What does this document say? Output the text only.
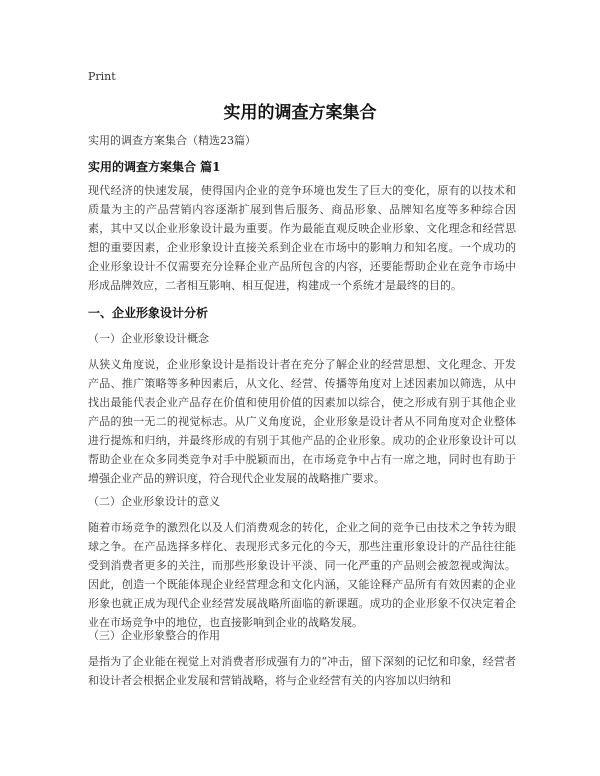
Print
实用的调查方案集合
实用的调查方案集合（精选23篇）
实用的调查方案集合 篇1

现代经济的快速发展，使得国内企业的竞争环境也发生了巨大的变化，原有的以技术和质量为主的产品营销内容逐渐扩展到售后服务、商品形象、品牌知名度等多种综合因素，其中又以企业形象设计最为重要。作为最能直观反映企业形象、文化理念和经营思想的重要因素，企业形象设计直接关系到企业在市场中的影响力和知名度。一个成功的企业形象设计不仅需要充分诠释企业产品所包含的内容，还要能帮助企业在竞争市场中形成品牌效应，二者相互影响、相互促进，构建成一个系统才是最终的目的。

一、企业形象设计分析
（一）企业形象设计概念

从狭义角度说，企业形象设计是指设计者在充分了解企业的经营思想、文化理念、开发产品、推广策略等多种因素后，从文化、经营、传播等角度对上述因素加以筛选，从中找出最能代表企业产品存在价值和使用价值的因素加以综合，使之形成有别于其他企业产品的独一无二的视觉标志。从广义角度说，企业形象是设计者从不同角度对企业整体进行提炼和归纳，并最终形成的有别于其他产品的企业形象。成功的企业形象设计可以帮助企业在众多同类竞争对手中脱颖而出，在市场竞争中占有一席之地，同时也有助于增强企业产品的辨识度，符合现代企业发展的战略推广要求。

（二）企业形象设计的意义

随着市场竞争的激烈化以及人们消费观念的转化，企业之间的竞争已由技术之争转为眼球之争。在产品选择多样化、表现形式多元化的今天，那些注重形象设计的产品往往能受到消费者更多的关注，而那些形象设计平淡、同一化严重的产品则会被忽视或淘汰。因此，创造一个既能体现企业经营理念和文化内涵，又能诠释产品所有有效因素的企业形象也就正成为现代企业经营发展战略所面临的新课题。成功的企业形象不仅决定着企业在市场竞争中的地位，也直接影响到企业的战略发展。

（三）企业形象整合的作用

是指为了企业能在视觉上对消费者形成强有力的“冲击，留下深刻的记忆和印象，经营者和设计者会根据企业发展和营销战略，将与企业经营有关的内容加以归纳和
